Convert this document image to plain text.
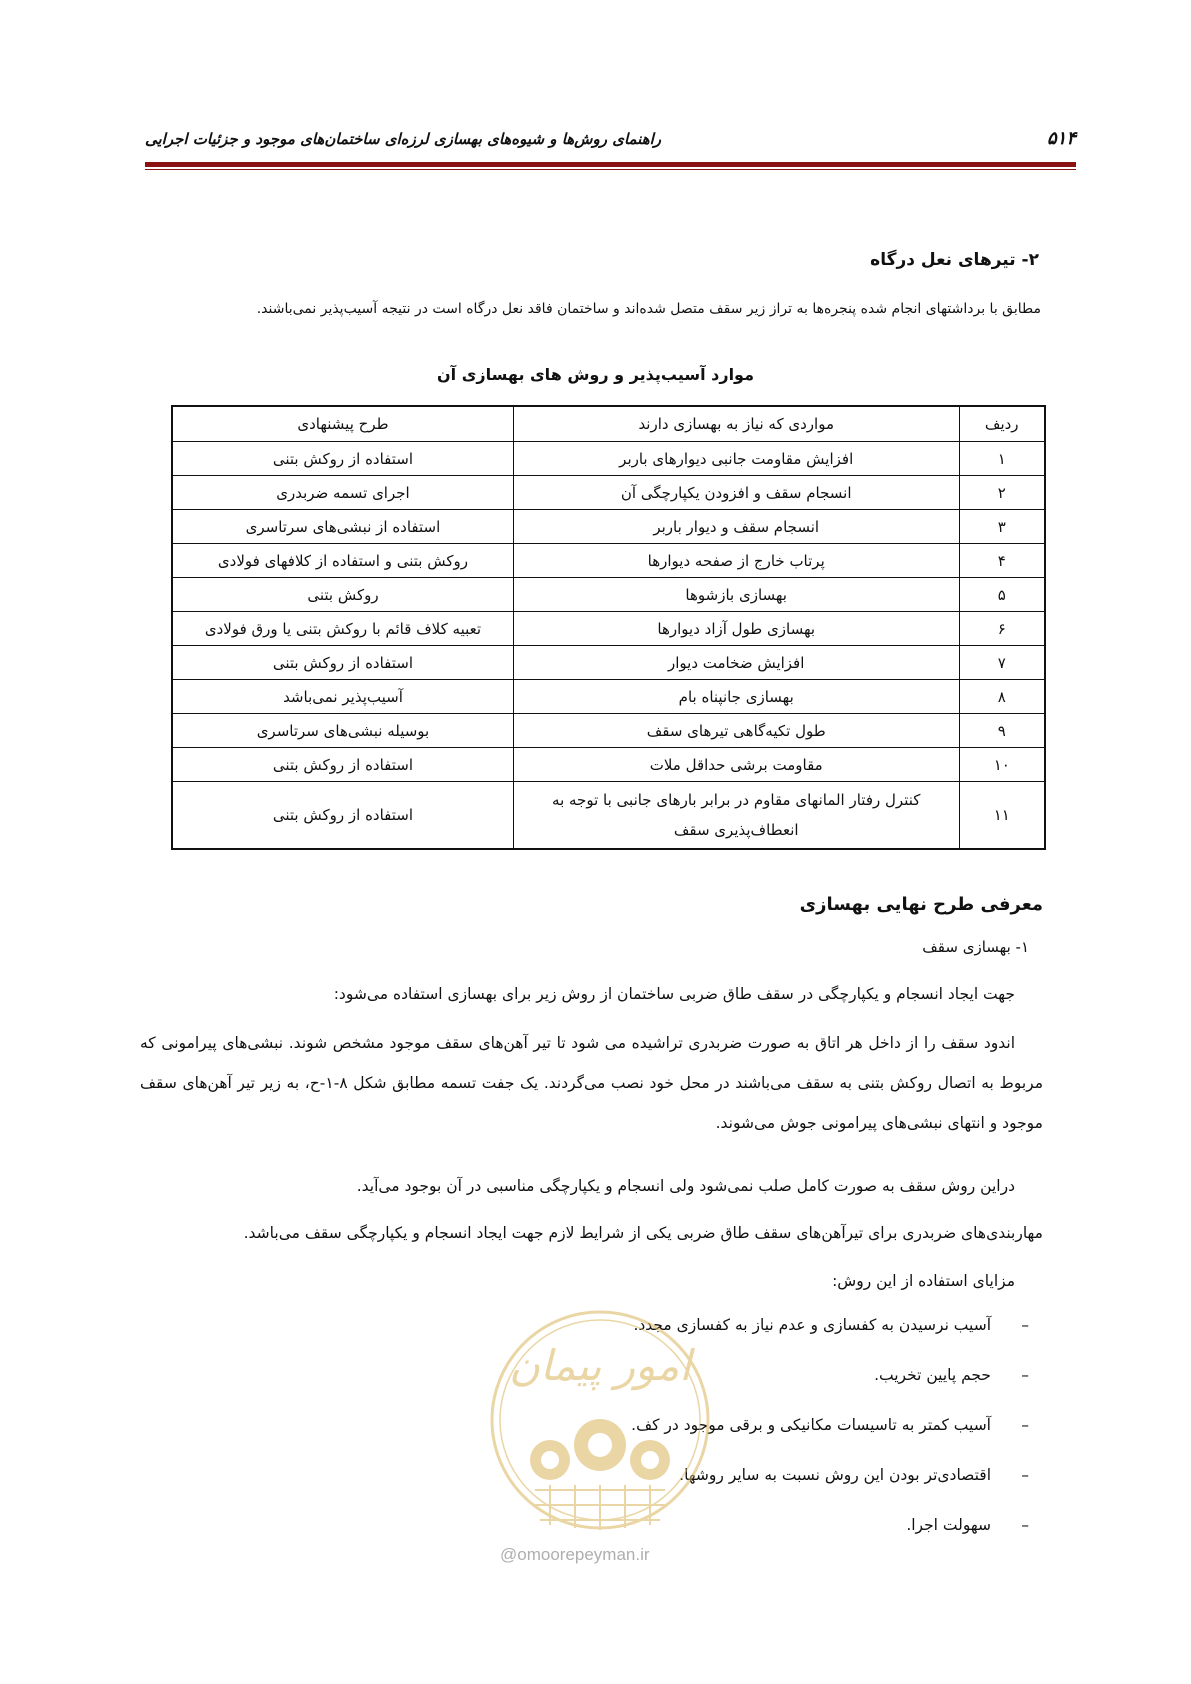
۵۱۴
راهنمای روش‌ها و شیوه‌های بهسازی لرزه‌ای ساختمان‌های موجود و جزئیات اجرایی
۲- تیرهای نعل درگاه
مطابق با برداشتهای انجام شده پنجره‌ها به تراز زیر سقف متصل شده‌اند و ساختمان فاقد نعل درگاه است در نتیجه آسیب‌پذیر نمی‌باشند.
موارد آسیب‌پذیر و روش های بهسازی آن
ردیف	مواردی که نیاز به بهسازی دارند	طرح پیشنهادی
۱	افزایش مقاومت جانبی دیوارهای باربر	استفاده از روکش بتنی
۲	انسجام سقف و افزودن یکپارچگی آن	اجرای تسمه ضربدری
۳	انسجام سقف و دیوار باربر	استفاده از نبشی‌های سرتاسری
۴	پرتاب خارج از صفحه دیوارها	روکش بتنی و استفاده از کلافهای فولادی
۵	بهسازی بازشوها	روکش بتنی
۶	بهسازی طول آزاد دیوارها	تعبیه کلاف قائم با روکش بتنی یا ورق فولادی
۷	افزایش ضخامت دیوار	استفاده از روکش بتنی
۸	بهسازی جانپناه بام	آسیب‌پذیر نمی‌باشد
۹	طول تکیه‌گاهی تیرهای سقف	بوسیله نبشی‌های سرتاسری
۱۰	مقاومت برشی حداقل ملات	استفاده از روکش بتنی
۱۱	کنترل رفتار المانهای مقاوم در برابر بارهای جانبی با توجه به انعطاف‌پذیری سقف	استفاده از روکش بتنی
معرفی طرح نهایی بهسازی
۱- بهسازی سقف
جهت ایجاد انسجام و یکپارچگی در سقف طاق ضربی ساختمان از روش زیر برای بهسازی استفاده می‌شود:
اندود سقف را از داخل هر اتاق به صورت ضربدری تراشیده می شود تا تیر آهن‌های سقف موجود مشخص شوند. نبشی‌های پیرامونی که مربوط به اتصال روکش بتنی به سقف می‌باشند در محل خود نصب می‌گردند. یک جفت تسمه مطابق شکل ۸-۱-ح، به زیر تیر آهن‌های سقف موجود و انتهای نبشی‌های پیرامونی جوش می‌شوند.
دراین روش سقف به صورت کامل صلب نمی‌شود ولی انسجام و یکپارچگی مناسبی در آن بوجود می‌آید.
مهاربندی‌های ضربدری برای تیرآهن‌های سقف طاق ضربی یکی از شرایط لازم جهت ایجاد انسجام و یکپارچگی سقف می‌باشد.
مزایای استفاده از این روش:
–
آسیب نرسیدن به کفسازی و عدم نیاز به کفسازی مجدد.
–
حجم پایین تخریب.
–
آسیب کمتر به تاسیسات مکانیکی و برقی موجود در کف.
–
اقتصادی‌تر بودن این روش نسبت به سایر روشها.
–
سهولت اجرا.
امور پیمان
@omoorepeyman.ir
